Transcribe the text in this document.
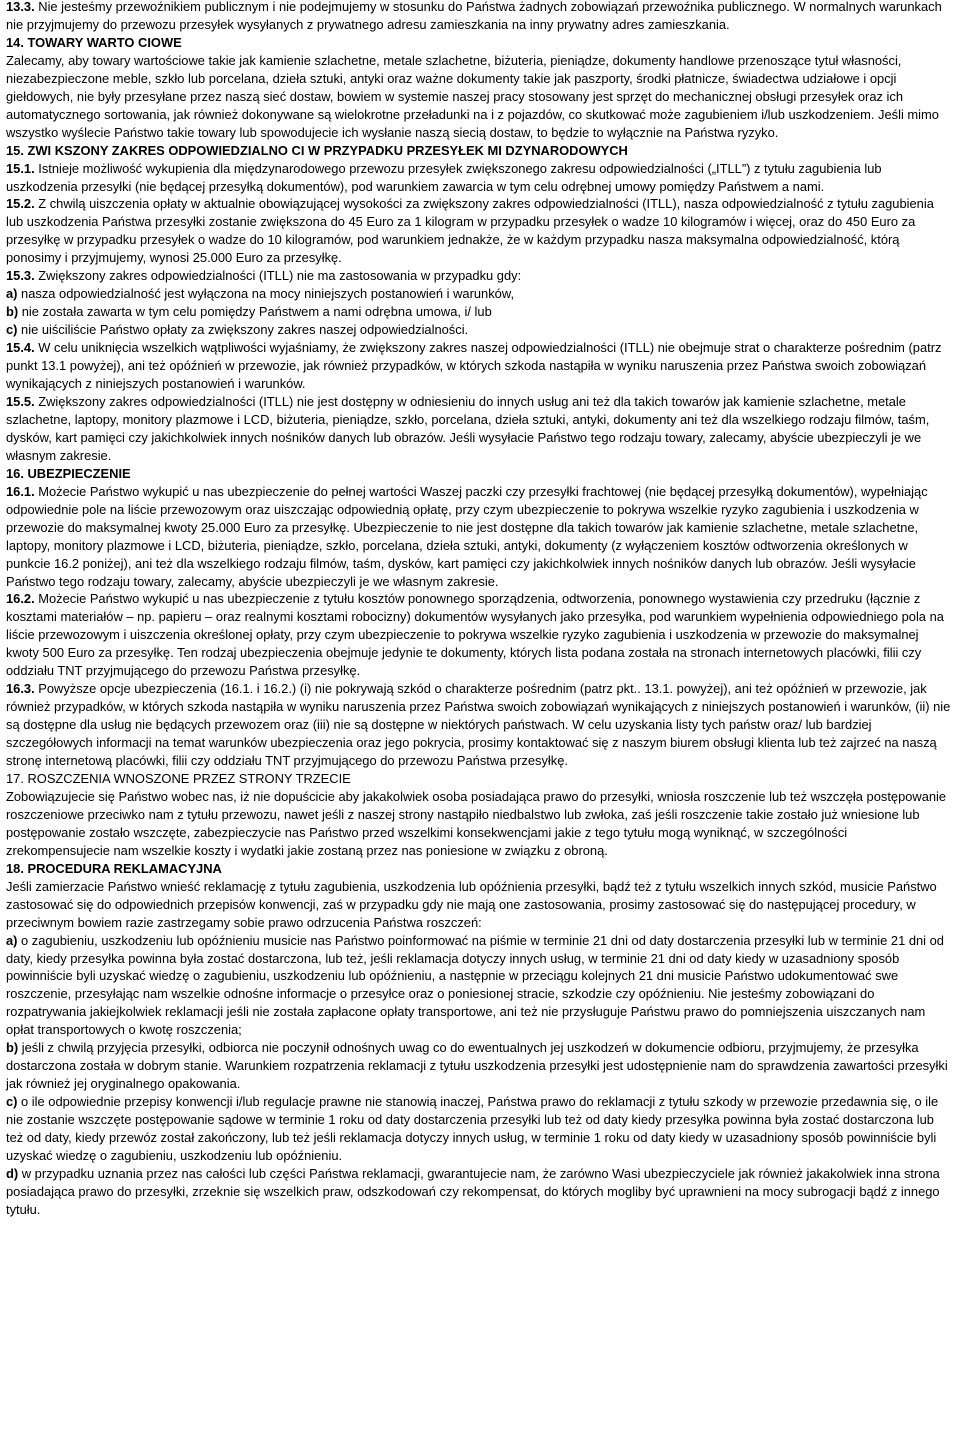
13.3. Nie jesteśmy przewoźnikiem publicznym i nie podejmujemy w stosunku do Państwa żadnych zobowiązań przewoźnika publicznego. W normalnych warunkach nie przyjmujemy do przewozu przesyłek wysyłanych z prywatnego adresu zamieszkania na inny prywatny adres zamieszkania.

14. TOWARY WARTO CIOWE

Zalecamy, aby towary wartościowe takie jak kamienie szlachetne, metale szlachetne, biżuteria, pieniądze, dokumenty handlowe przenoszące tytuł własności, niezabezpieczone meble, szkło lub porcelana, dzieła sztuki, antyki oraz ważne dokumenty takie jak paszporty, środki płatnicze, świadectwa udziałowe i opcji giełdowych, nie były przesyłane przez naszą sieć dostaw, bowiem w systemie naszej pracy stosowany jest sprzęt do mechanicznej obsługi przesyłek oraz ich automatycznego sortowania, jak również dokonywane są wielokrotne przeładunki na i z pojazdów, co skutkować może zagubieniem i/lub uszkodzeniem. Jeśli mimo wszystko wyślecie Państwo takie towary lub spowodujecie ich wysłanie naszą siecią dostaw, to będzie to wyłącznie na Państwa ryzyko.

15. ZWI KSZONY ZAKRES ODPOWIEDZIALNO CI W PRZYPADKU PRZESYŁEK MI DZYNARODOWYCH

15.1. Istnieje możliwość wykupienia dla międzynarodowego przewozu przesyłek zwiększonego zakresu odpowiedzialności („ITLL”) z tytułu zagubienia lub uszkodzenia przesyłki (nie będącej przesyłką dokumentów), pod warunkiem zawarcia w tym celu odrębnej umowy pomiędzy Państwem a nami.

15.2. Z chwilą uiszczenia opłaty w aktualnie obowiązującej wysokości za zwiększony zakres odpowiedzialności (ITLL), nasza odpowiedzialność z tytułu zagubienia lub uszkodzenia Państwa przesyłki zostanie zwiększona do 45 Euro za 1 kilogram w przypadku przesyłek o wadze 10 kilogramów i więcej, oraz do 450 Euro za przesyłkę w przypadku przesyłek o wadze do 10 kilogramów, pod warunkiem jednakże, że w każdym przypadku nasza maksymalna odpowiedzialność, którą ponosimy i przyjmujemy, wynosi 25.000 Euro za przesyłkę.

15.3. Zwiększony zakres odpowiedzialności (ITLL) nie ma zastosowania w przypadku gdy:

a) nasza odpowiedzialność jest wyłączona na mocy niniejszych postanowień i warunków,

b) nie została zawarta w tym celu pomiędzy Państwem a nami odrębna umowa, i/ lub

c) nie uiściliście Państwo opłaty za zwiększony zakres naszej odpowiedzialności.

15.4. W celu uniknięcia wszelkich wątpliwości wyjaśniamy, że zwiększony zakres naszej odpowiedzialności (ITLL) nie obejmuje strat o charakterze pośrednim (patrz punkt 13.1 powyżej), ani też opóźnień w przewozie, jak również przypadków, w których szkoda nastąpiła w wyniku naruszenia przez Państwa swoich zobowiązań wynikających z niniejszych postanowień i warunków.

15.5. Zwiększony zakres odpowiedzialności (ITLL) nie jest dostępny w odniesieniu do innych usług ani też dla takich towarów jak kamienie szlachetne, metale szlachetne, laptopy, monitory plazmowe i LCD, biżuteria, pieniądze, szkło, porcelana, dzieła sztuki, antyki, dokumenty ani też dla wszelkiego rodzaju filmów, taśm, dysków, kart pamięci czy jakichkolwiek innych nośników danych lub obrazów. Jeśli wysyłacie Państwo tego rodzaju towary, zalecamy, abyście ubezpieczyli je we własnym zakresie.

16. UBEZPIECZENIE

16.1. Możecie Państwo wykupić u nas ubezpieczenie do pełnej wartości Waszej paczki czy przesyłki frachtowej (nie będącej przesyłką dokumentów), wypełniając odpowiednie pole na liście przewozowym oraz uiszczając odpowiednią opłatę, przy czym ubezpieczenie to pokrywa wszelkie ryzyko zagubienia i uszkodzenia w przewozie do maksymalnej kwoty 25.000 Euro za przesyłkę. Ubezpieczenie to nie jest dostępne dla takich towarów jak kamienie szlachetne, metale szlachetne, laptopy, monitory plazmowe i LCD, biżuteria, pieniądze, szkło, porcelana, dzieła sztuki, antyki, dokumenty (z wyłączeniem kosztów odtworzenia określonych w punkcie 16.2 poniżej), ani też dla wszelkiego rodzaju filmów, taśm, dysków, kart pamięci czy jakichkolwiek innych nośników danych lub obrazów. Jeśli wysyłacie Państwo tego rodzaju towary, zalecamy, abyście ubezpieczyli je we własnym zakresie.

16.2. Możecie Państwo wykupić u nas ubezpieczenie z tytułu kosztów ponownego sporządzenia, odtworzenia, ponownego wystawienia czy przedruku (łącznie z kosztami materiałów – np. papieru – oraz realnymi kosztami robocizny) dokumentów wysyłanych jako przesyłka, pod warunkiem wypełnienia odpowiedniego pola na liście przewozowym i uiszczenia określonej opłaty, przy czym ubezpieczenie to pokrywa wszelkie ryzyko zagubienia i uszkodzenia w przewozie do maksymalnej kwoty 500 Euro za przesyłkę. Ten rodzaj ubezpieczenia obejmuje jedynie te dokumenty, których lista podana została na stronach internetowych placówki, filii czy oddziału TNT przyjmującego do przewozu Państwa przesyłkę.

16.3. Powyższe opcje ubezpieczenia (16.1. i 16.2.) (i) nie pokrywają szkód o charakterze pośrednim (patrz pkt.. 13.1. powyżej), ani też opóźnień w przewozie, jak również przypadków, w których szkoda nastąpiła w wyniku naruszenia przez Państwa swoich zobowiązań wynikających z niniejszych postanowień i warunków, (ii) nie są dostępne dla usług nie będących przewozem oraz (iii) nie są dostępne w niektórych państwach. W celu uzyskania listy tych państw oraz/ lub bardziej szczegółowych informacji na temat warunków ubezpieczenia oraz jego pokrycia, prosimy kontaktować się z naszym biurem obsługi klienta lub też zajrzeć na naszą stronę internetową placówki, filii czy oddziału TNT przyjmującego do przewozu Państwa przesyłkę.

17. ROSZCZENIA WNOSZONE PRZEZ STRONY TRZECIE

Zobowiązujecie się Państwo wobec nas, iż nie dopuścicie aby jakakolwiek osoba posiadająca prawo do przesyłki, wniosła roszczenie lub też wszczęła postępowanie roszczeniowe przeciwko nam z tytułu przewozu, nawet jeśli z naszej strony nastąpiło niedbalstwo lub zwłoka, zaś jeśli roszczenie takie zostało już wniesione lub postępowanie zostało wszczęte, zabezpieczycie nas Państwo przed wszelkimi konsekwencjami jakie z tego tytułu mogą wyniknąć, w szczególności zrekompensujecie nam wszelkie koszty i wydatki jakie zostaną przez nas poniesione w związku z obroną.

18. PROCEDURA REKLAMACYJNA

Jeśli zamierzacie Państwo wnieść reklamację z tytułu zagubienia, uszkodzenia lub opóźnienia przesyłki, bądź też z tytułu wszelkich innych szkód, musicie Państwo zastosować się do odpowiednich przepisów konwencji, zaś w przypadku gdy nie mają one zastosowania, prosimy zastosować się do następującej procedury, w przeciwnym bowiem razie zastrzegamy sobie prawo odrzucenia Państwa roszczeń:

a) o zagubieniu, uszkodzeniu lub opóźnieniu musicie nas Państwo poinformować na piśmie w terminie 21 dni od daty dostarczenia przesyłki lub w terminie 21 dni od daty, kiedy przesyłka powinna była zostać dostarczona, lub też, jeśli reklamacja dotyczy innych usług, w terminie 21 dni od daty kiedy w uzasadniony sposób powinniście byli uzyskać wiedzę o zagubieniu, uszkodzeniu lub opóźnieniu, a następnie w przeciągu kolejnych 21 dni musicie Państwo udokumentować swe roszczenie, przesyłając nam wszelkie odnośne informacje o przesyłce oraz o poniesionej stracie, szkodzie czy opóźnieniu. Nie jesteśmy zobowiązani do rozpatrywania jakiejkolwiek reklamacji jeśli nie została zapłacone opłaty transportowe, ani też nie przysługuje Państwu prawo do pomniejszenia uiszczanych nam opłat transportowych o kwotę roszczenia;

b) jeśli z chwilą przyjęcia przesyłki, odbiorca nie poczynił odnośnych uwag co do ewentualnych jej uszkodzeń w dokumencie odbioru, przyjmujemy, że przesyłka dostarczona została w dobrym stanie. Warunkiem rozpatrzenia reklamacji z tytułu uszkodzenia przesyłki jest udostępnienie nam do sprawdzenia zawartości przesyłki jak również jej oryginalnego opakowania.

c) o ile odpowiednie przepisy konwencji i/lub regulacje prawne nie stanowią inaczej, Państwa prawo do reklamacji z tytułu szkody w przewozie przedawnia się, o ile nie zostanie wszczęte postępowanie sądowe w terminie 1 roku od daty dostarczenia przesyłki lub też od daty kiedy przesyłka powinna była zostać dostarczona lub też od daty, kiedy przewóz został zakończony, lub też jeśli reklamacja dotyczy innych usług, w terminie 1 roku od daty kiedy w uzasadniony sposób powinniście byli uzyskać wiedzę o zagubieniu, uszkodzeniu lub opóźnieniu.

d) w przypadku uznania przez nas całości lub części Państwa reklamacji, gwarantujecie nam, że zarówno Wasi ubezpieczyciele jak również jakakolwiek inna strona posiadająca prawo do przesyłki, zrzeknie się wszelkich praw, odszkodowań czy rekompensat, do których mogliby być uprawnieni na mocy subrogacji bądź z innego tytułu.
